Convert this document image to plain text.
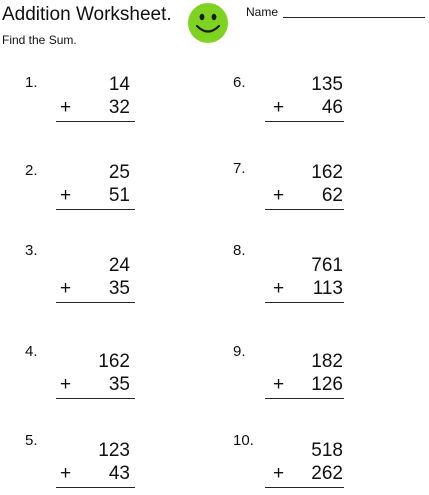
Addition Worksheet.
Find the Sum.
Name
1.	14
+ 32
2.	25
+ 51
3.
24
+ 35
4.	162
+ 35
5.	123
+ 43
6.	135
+ 46
7.	162
+ 62
8.
761
+ 113
9.	182
+ 126
10.	518
+ 262
